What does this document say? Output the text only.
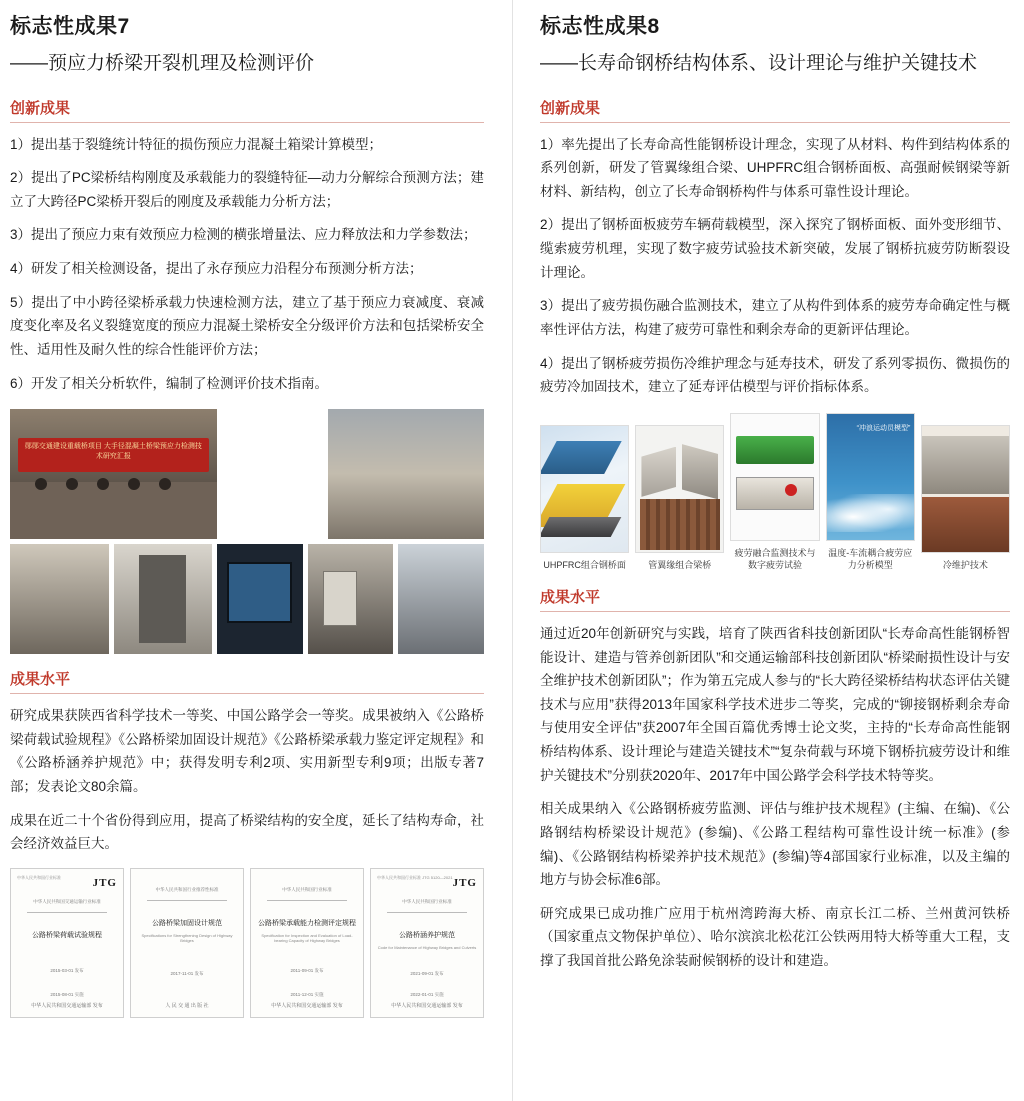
标志性成果7
——预应力桥梁开裂机理及检测评价
创新成果

1）提出基于裂缝统计特征的损伤预应力混凝土箱梁计算模型；

2）提出了PC梁桥结构刚度及承载能力的裂缝特征—动力分解综合预测方法；建立了大跨径PC梁桥开裂后的刚度及承载能力分析方法；

3）提出了预应力束有效预应力检测的横张增量法、应力释放法和力学参数法；

4）研发了相关检测设备，提出了永存预应力沿程分布预测分析方法；

5）提出了中小跨径梁桥承载力快速检测方法，建立了基于预应力衰减度、衰减度变化率及名义裂缝宽度的预应力混凝土梁桥安全分级评价方法和包括梁桥安全性、适用性及耐久性的综合性能评价方法；

6）开发了相关分析软件，编制了检测评价技术指南。

郧郧交通建设重载桥项目 大手径混凝土桥梁预应力检测技术研究汇报
成果水平

研究成果获陕西省科学技术一等奖、中国公路学会一等奖。成果被纳入《公路桥梁荷载试验规程》《公路桥梁加固设计规范》《公路桥梁承载力鉴定评定规程》和《公路桥涵养护规范》中；获得发明专利2项、实用新型专利9项；出版专著7部；发表论文80余篇。

成果在近二十个省份得到应用，提高了桥梁结构的安全度，延长了结构寿命，社会经济效益巨大。

中华人民共和国行业标准	JTG
中华人民共和国交通运输行业标准
公路桥梁荷载试验规程
2015-03-01 发布
2015-08-01 实施
中华人民共和国交通运输部 发布
中华人民共和国行业推荐性标准
公路桥梁加固设计规范
Specifications for Strengthening Design of Highway Bridges
2017-11-01 发布
人 民 交 通 出 版 社
中华人民共和国行业标准
公路桥梁承载能力检测评定规程
Specification for Inspection and Evaluation of Load-bearing Capacity of Highway Bridges
2011-09-01 发布
2011-12-01 实施
中华人民共和国交通运输部 发布
中华人民共和国行业标准 JTG 5120—2021 JTG
中华人民共和国行业标准
公路桥涵养护规范
Code for Maintenance of Highway Bridges and Culverts
2021-09-01 发布
2022-01-01 实施
中华人民共和国交通运输部 发布
标志性成果8
——长寿命钢桥结构体系、设计理论与维护关键技术
创新成果

1）率先提出了长寿命高性能钢桥设计理念，实现了从材料、构件到结构体系的系列创新，研发了管翼缘组合梁、UHPFRC组合钢桥面板、高强耐候钢梁等新材料、新结构，创立了长寿命钢桥构件与体系可靠性设计理论。

2）提出了钢桥面板疲劳车辆荷载模型，深入探究了钢桥面板、面外变形细节、缆索疲劳机理，实现了数字疲劳试验技术新突破，发展了钢桥抗疲劳防断裂设计理论。

3）提出了疲劳损伤融合监测技术，建立了从构件到体系的疲劳寿命确定性与概率性评估方法，构建了疲劳可靠性和剩余寿命的更新评估理论。

4）提出了钢桥疲劳损伤冷维护理念与延寿技术，研发了系列零损伤、微损伤的疲劳冷加固技术，建立了延寿评估模型与评价指标体系。

UHPFRC组合钢桥面	管翼缘组合梁桥
疲劳融合监测技术与数字疲劳试验
“冲浪运动员模型”
温度-车流耦合疲劳应力分析模型	冷维护技术
成果水平

通过近20年创新研究与实践，培育了陕西省科技创新团队“长寿命高性能钢桥智能设计、建造与管养创新团队”和交通运输部科技创新团队“桥梁耐损性设计与安全维护技术创新团队”；作为第五完成人参与的“长大跨径梁桥结构状态评估关键技术与应用”获得2013年国家科学技术进步二等奖，完成的“铆接钢桥剩余寿命与使用安全评估”获2007年全国百篇优秀博士论文奖，主持的“长寿命高性能钢桥结构体系、设计理论与建造关键技术”“复杂荷载与环境下钢桥抗疲劳设计和维护关键技术”分别获2020年、2017年中国公路学会科学技术特等奖。

相关成果纳入《公路钢桥疲劳监测、评估与维护技术规程》(主编、在编)、《公路钢结构桥梁设计规范》(参编)、《公路工程结构可靠性设计统一标准》(参编)、《公路钢结构桥梁养护技术规范》(参编)等4部国家行业标准，以及主编的地方与协会标准6部。

研究成果已成功推广应用于杭州湾跨海大桥、南京长江二桥、兰州黄河铁桥（国家重点文物保护单位）、哈尔滨滨北松花江公铁两用特大桥等重大工程，支撑了我国首批公路免涂装耐候钢桥的设计和建造。
